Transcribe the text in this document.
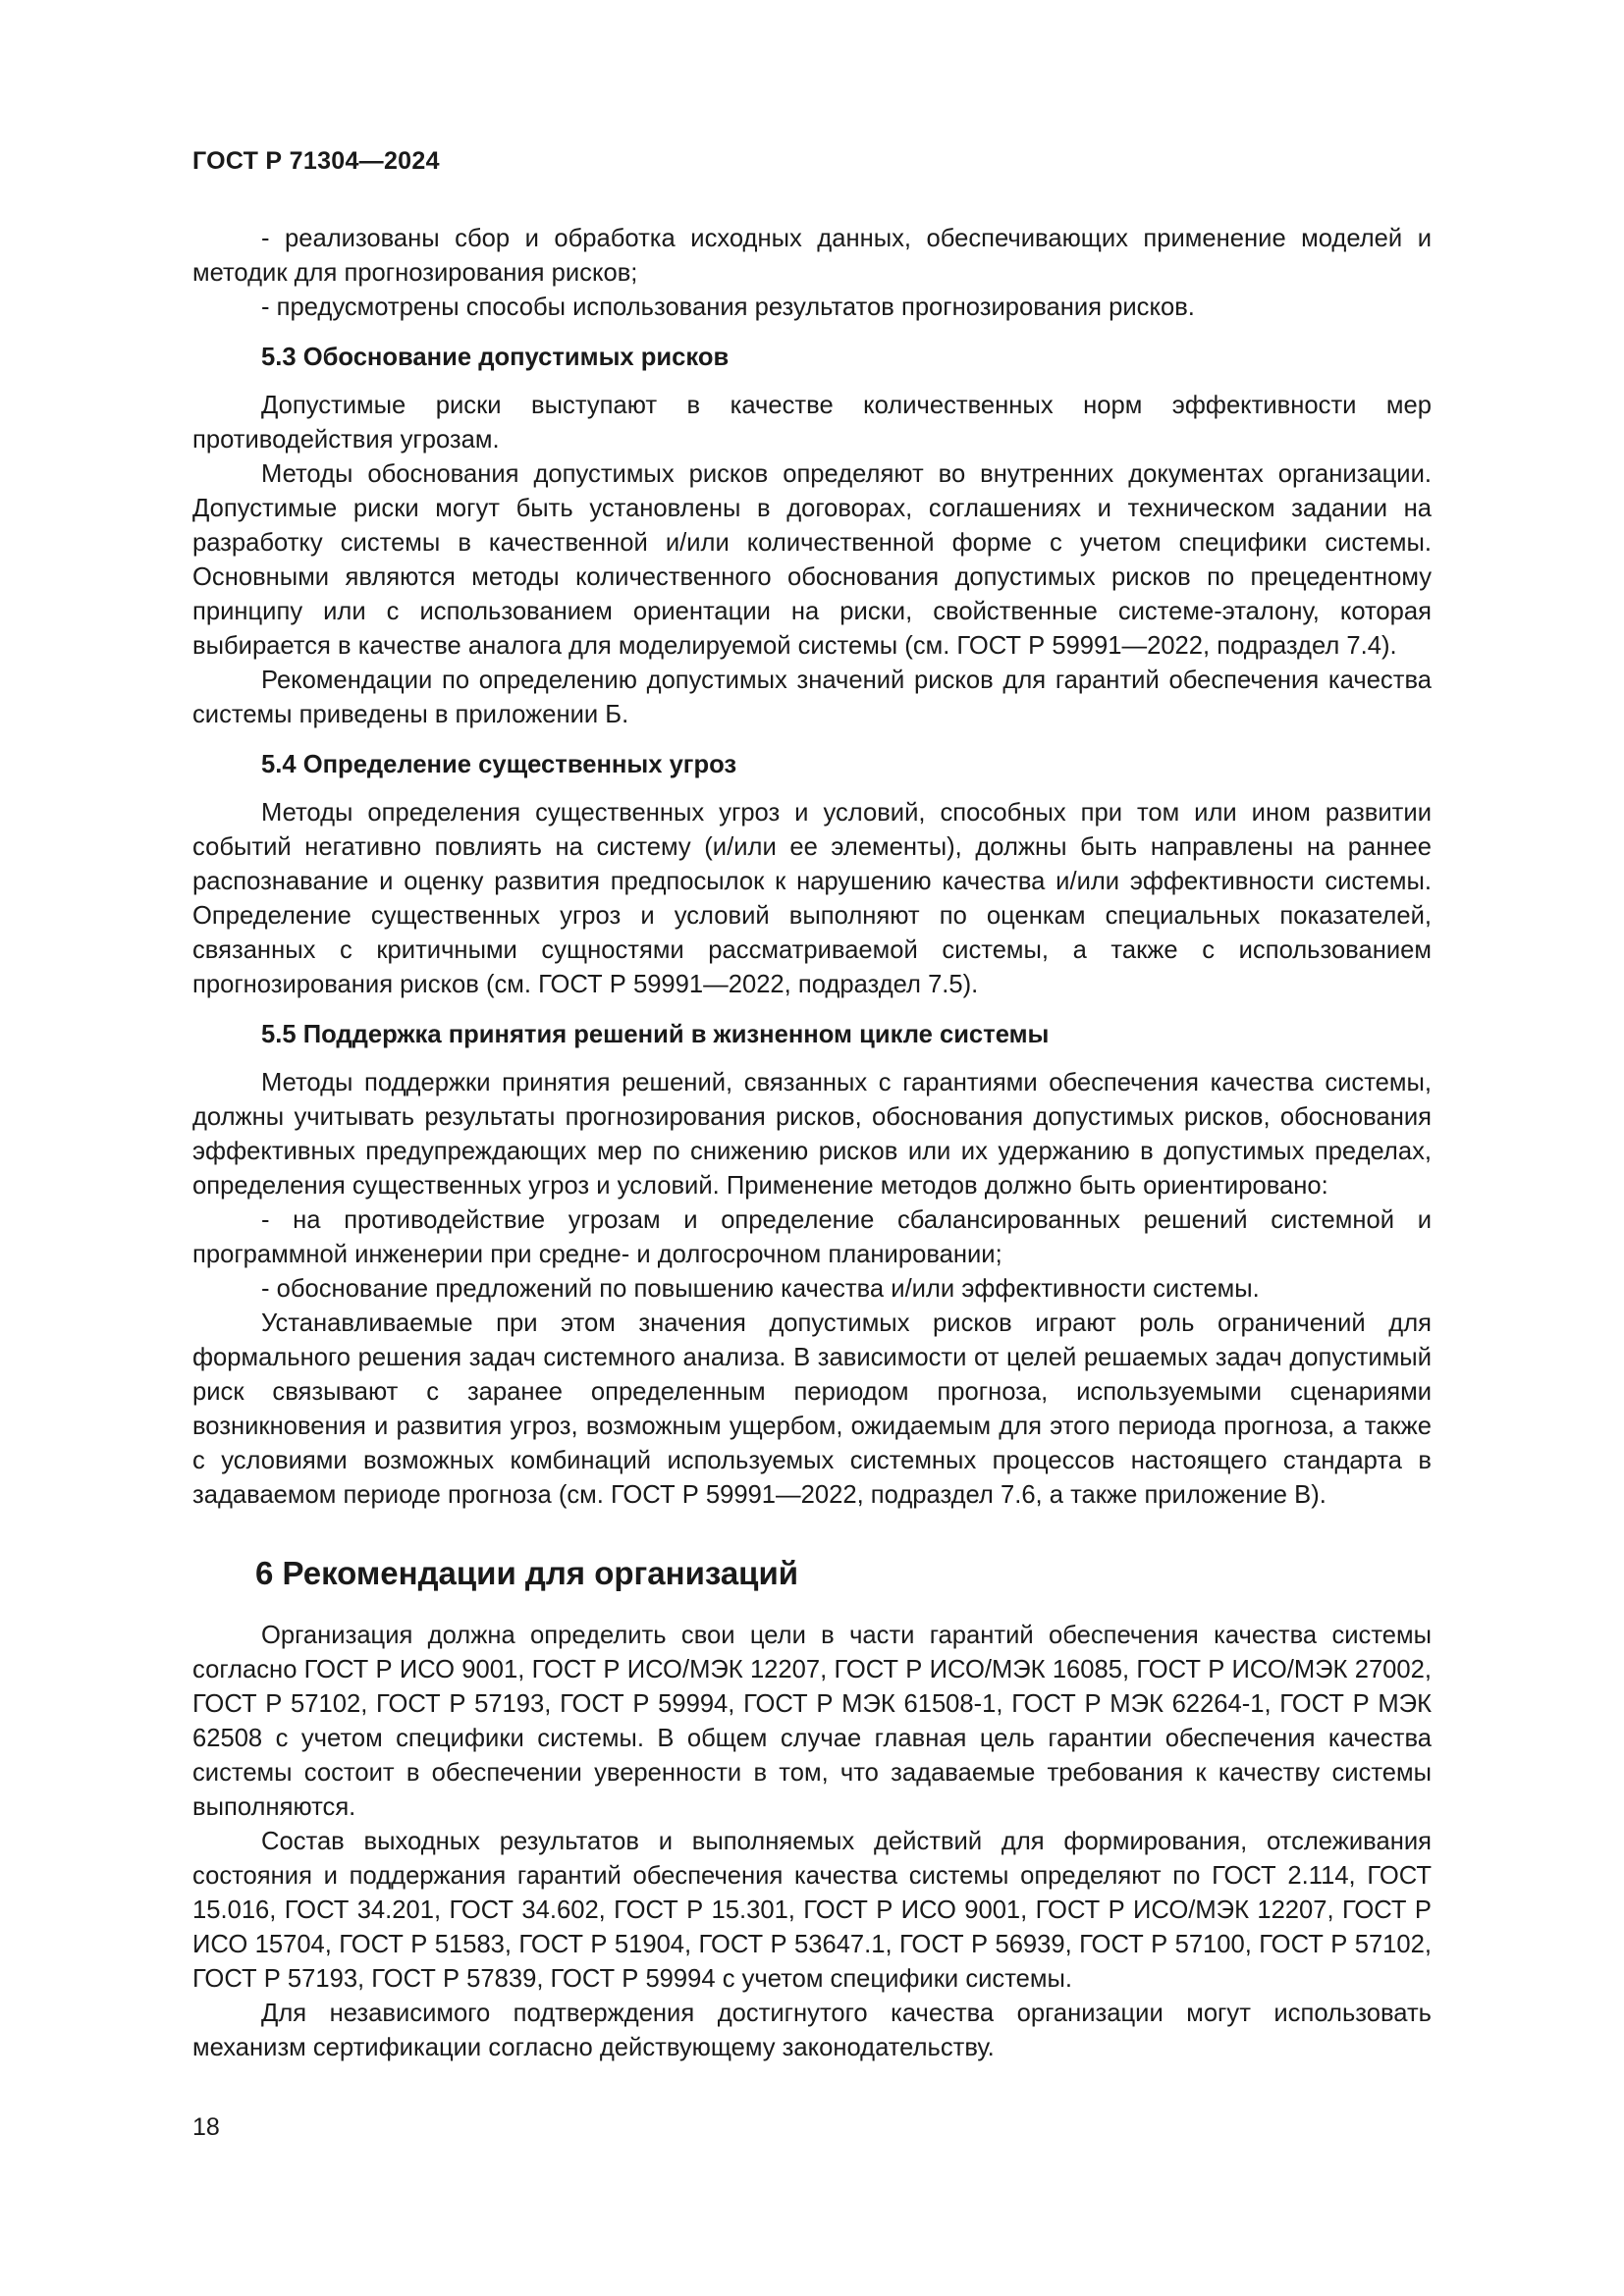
ГОСТ Р 71304—2024

- реализованы сбор и обработка исходных данных, обеспечивающих применение моделей и методик для прогнозирования рисков;

- предусмотрены способы использования результатов прогнозирования рисков.

5.3 Обоснование допустимых рисков

Допустимые риски выступают в качестве количественных норм эффективности мер противодействия угрозам.

Методы обоснования допустимых рисков определяют во внутренних документах организации. Допустимые риски могут быть установлены в договорах, соглашениях и техническом задании на разработку системы в качественной и/или количественной форме с учетом специфики системы. Основными являются методы количественного обоснования допустимых рисков по прецедентному принципу или с использованием ориентации на риски, свойственные системе-эталону, которая выбирается в качестве аналога для моделируемой системы (см. ГОСТ Р 59991—2022, подраздел 7.4).

Рекомендации по определению допустимых значений рисков для гарантий обеспечения качества системы приведены в приложении Б.

5.4 Определение существенных угроз

Методы определения существенных угроз и условий, способных при том или ином развитии событий негативно повлиять на систему (и/или ее элементы), должны быть направлены на раннее распознавание и оценку развития предпосылок к нарушению качества и/или эффективности системы. Определение существенных угроз и условий выполняют по оценкам специальных показателей, связанных с критичными сущностями рассматриваемой системы, а также с использованием прогнозирования рисков (см. ГОСТ Р 59991—2022, подраздел 7.5).

5.5 Поддержка принятия решений в жизненном цикле системы

Методы поддержки принятия решений, связанных с гарантиями обеспечения качества системы, должны учитывать результаты прогнозирования рисков, обоснования допустимых рисков, обоснования эффективных предупреждающих мер по снижению рисков или их удержанию в допустимых пределах, определения существенных угроз и условий. Применение методов должно быть ориентировано:

- на противодействие угрозам и определение сбалансированных решений системной и программной инженерии при средне- и долгосрочном планировании;

- обоснование предложений по повышению качества и/или эффективности системы.

Устанавливаемые при этом значения допустимых рисков играют роль ограничений для формального решения задач системного анализа. В зависимости от целей решаемых задач допустимый риск связывают с заранее определенным периодом прогноза, используемыми сценариями возникновения и развития угроз, возможным ущербом, ожидаемым для этого периода прогноза, а также с условиями возможных комбинаций используемых системных процессов настоящего стандарта в задаваемом периоде прогноза (см. ГОСТ Р 59991—2022, подраздел 7.6, а также приложение В).

6 Рекомендации для организаций

Организация должна определить свои цели в части гарантий обеспечения качества системы согласно ГОСТ Р ИСО 9001, ГОСТ Р ИСО/МЭК 12207, ГОСТ Р ИСО/МЭК 16085, ГОСТ Р ИСО/МЭК 27002, ГОСТ Р 57102, ГОСТ Р 57193, ГОСТ Р 59994, ГОСТ Р МЭК 61508-1, ГОСТ Р МЭК 62264-1, ГОСТ Р МЭК 62508 с учетом специфики системы. В общем случае главная цель гарантии обеспечения качества системы состоит в обеспечении уверенности в том, что задаваемые требования к качеству системы выполняются.

Состав выходных результатов и выполняемых действий для формирования, отслеживания состояния и поддержания гарантий обеспечения качества системы определяют по ГОСТ 2.114, ГОСТ 15.016, ГОСТ 34.201, ГОСТ 34.602, ГОСТ Р 15.301, ГОСТ Р ИСО 9001, ГОСТ Р ИСО/МЭК 12207, ГОСТ Р ИСО 15704, ГОСТ Р 51583, ГОСТ Р 51904, ГОСТ Р 53647.1, ГОСТ Р 56939, ГОСТ Р 57100, ГОСТ Р 57102, ГОСТ Р 57193, ГОСТ Р 57839, ГОСТ Р 59994 с учетом специфики системы.

Для независимого подтверждения достигнутого качества организации могут использовать механизм сертификации согласно действующему законодательству.

18
